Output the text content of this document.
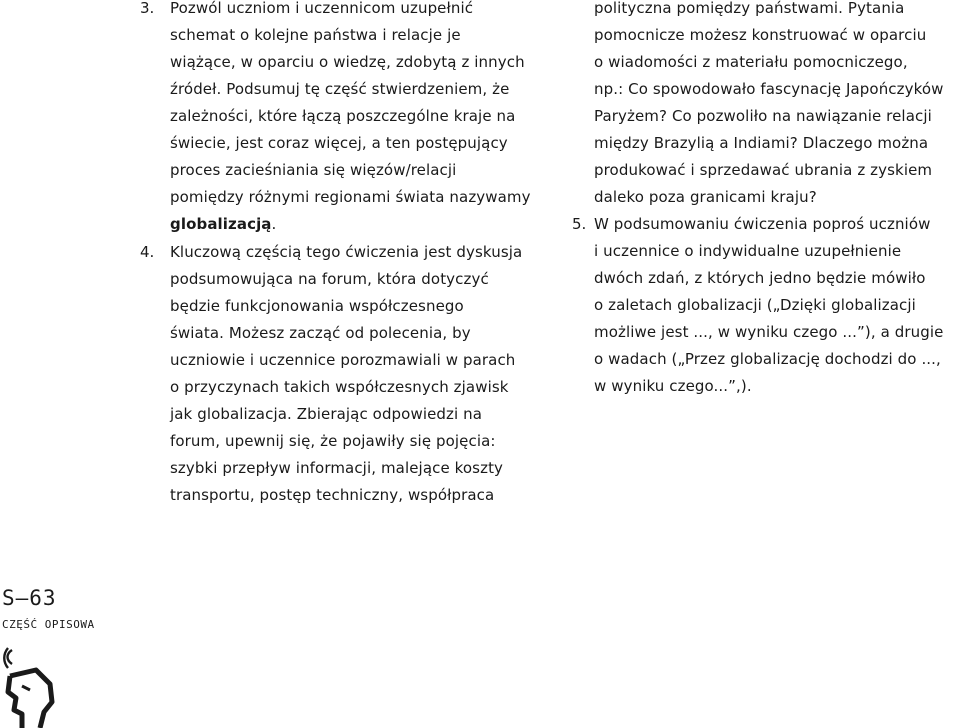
3. Pozwól uczniom i uczennicom uzupełnić
schemat o kolejne państwa i relacje je
wiążące, w oparciu o wiedzę, zdobytą z innych
źródeł. Podsumuj tę część stwierdzeniem, że
zależności, które łączą poszczególne kraje na
świecie, jest coraz więcej, a ten postępujący
proces zacieśniania się więzów/relacji
pomiędzy różnymi regionami świata nazywamy
globalizacją.
4. Kluczową częścią tego ćwiczenia jest dyskusja
podsumowująca na forum, która dotyczyć
będzie funkcjonowania współczesnego
świata. Możesz zacząć od polecenia, by
uczniowie i uczennice porozmawiali w parach
o przyczynach takich współczesnych zjawisk
jak globalizacja. Zbierając odpowiedzi na
forum, upewnij się, że pojawiły się pojęcia:
szybki przepływ informacji, malejące koszty
transportu, postęp techniczny, współpraca
polityczna pomiędzy państwami. Pytania
pomocnicze możesz konstruować w oparciu
o wiadomości z materiału pomocniczego,
np.: Co spowodowało fascynację Japończyków
Paryżem? Co pozwoliło na nawiązanie relacji
między Brazylią a Indiami? Dlaczego można
produkować i sprzedawać ubrania z zyskiem
daleko poza granicami kraju?
5. W podsumowaniu ćwiczenia poproś uczniów
i uczennice o indywidualne uzupełnienie
dwóch zdań, z których jedno będzie mówiło
o zaletach globalizacji („Dzięki globalizacji
możliwe jest ..., w wyniku czego ...”), a drugie
o wadach („Przez globalizację dochodzi do ...,
w wyniku czego...”,).
S–63
CZĘŚĆ OPISOWA
